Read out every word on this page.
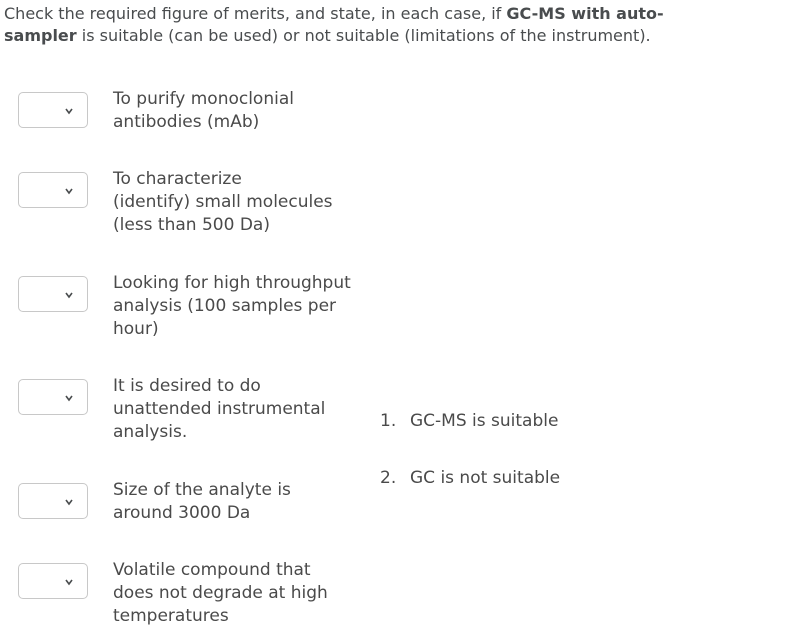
Check the required figure of merits, and state, in each case, if GC-MS with auto-
sampler is suitable (can be used) or not suitable (limitations of the instrument).
To purify monoclonial
antibodies (mAb)
To characterize
(identify) small molecules
(less than 500 Da)
Looking for high throughput
analysis (100 samples per
hour)
It is desired to do
unattended instrumental
analysis.
Size of the analyte is
around 3000 Da
Volatile compound that
does not degrade at high
temperatures
1. GC-MS is suitable
2. GC is not suitable
